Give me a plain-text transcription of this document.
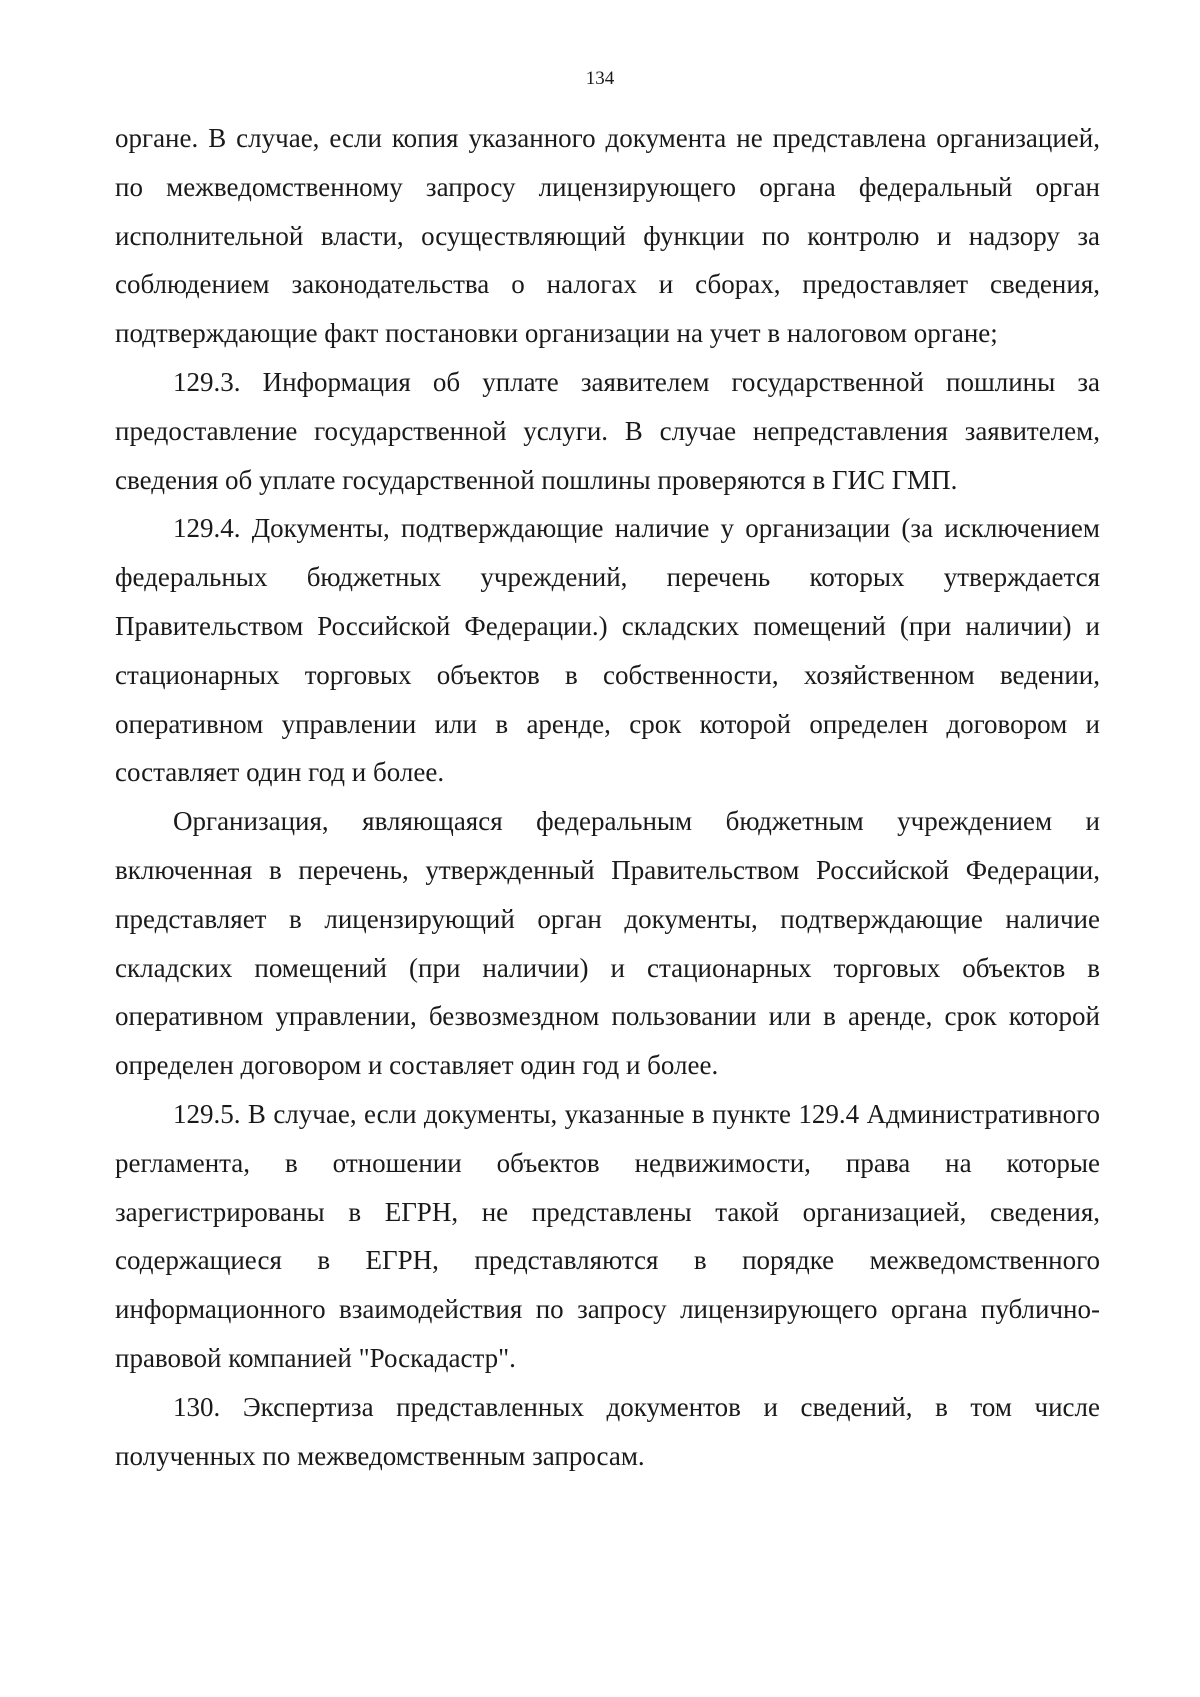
134

органе. В случае, если копия указанного документа не представлена организацией, по межведомственному запросу лицензирующего органа федеральный орган исполнительной власти, осуществляющий функции по контролю и надзору за соблюдением законодательства о налогах и сборах, предоставляет сведения, подтверждающие факт постановки организации на учет в налоговом органе;

129.3. Информация об уплате заявителем государственной пошлины за предоставление государственной услуги. В случае непредставления заявителем, сведения об уплате государственной пошлины проверяются в ГИС ГМП.

129.4. Документы, подтверждающие наличие у организации (за исключением федеральных бюджетных учреждений, перечень которых утверждается Правительством Российской Федерации.) складских помещений (при наличии) и стационарных торговых объектов в собственности, хозяйственном ведении, оперативном управлении или в аренде, срок которой определен договором и составляет один год и более.

Организация, являющаяся федеральным бюджетным учреждением и включенная в перечень, утвержденный Правительством Российской Федерации, представляет в лицензирующий орган документы, подтверждающие наличие складских помещений (при наличии) и стационарных торговых объектов в оперативном управлении, безвозмездном пользовании или в аренде, срок которой определен договором и составляет один год и более.

129.5. В случае, если документы, указанные в пункте 129.4 Административного регламента, в отношении объектов недвижимости, права на которые зарегистрированы в ЕГРН, не представлены такой организацией, сведения, содержащиеся в ЕГРН, представляются в порядке межведомственного информационного взаимодействия по запросу лицензирующего органа публично-правовой компанией "Роскадастр".

130. Экспертиза представленных документов и сведений, в том числе полученных по межведомственным запросам.
